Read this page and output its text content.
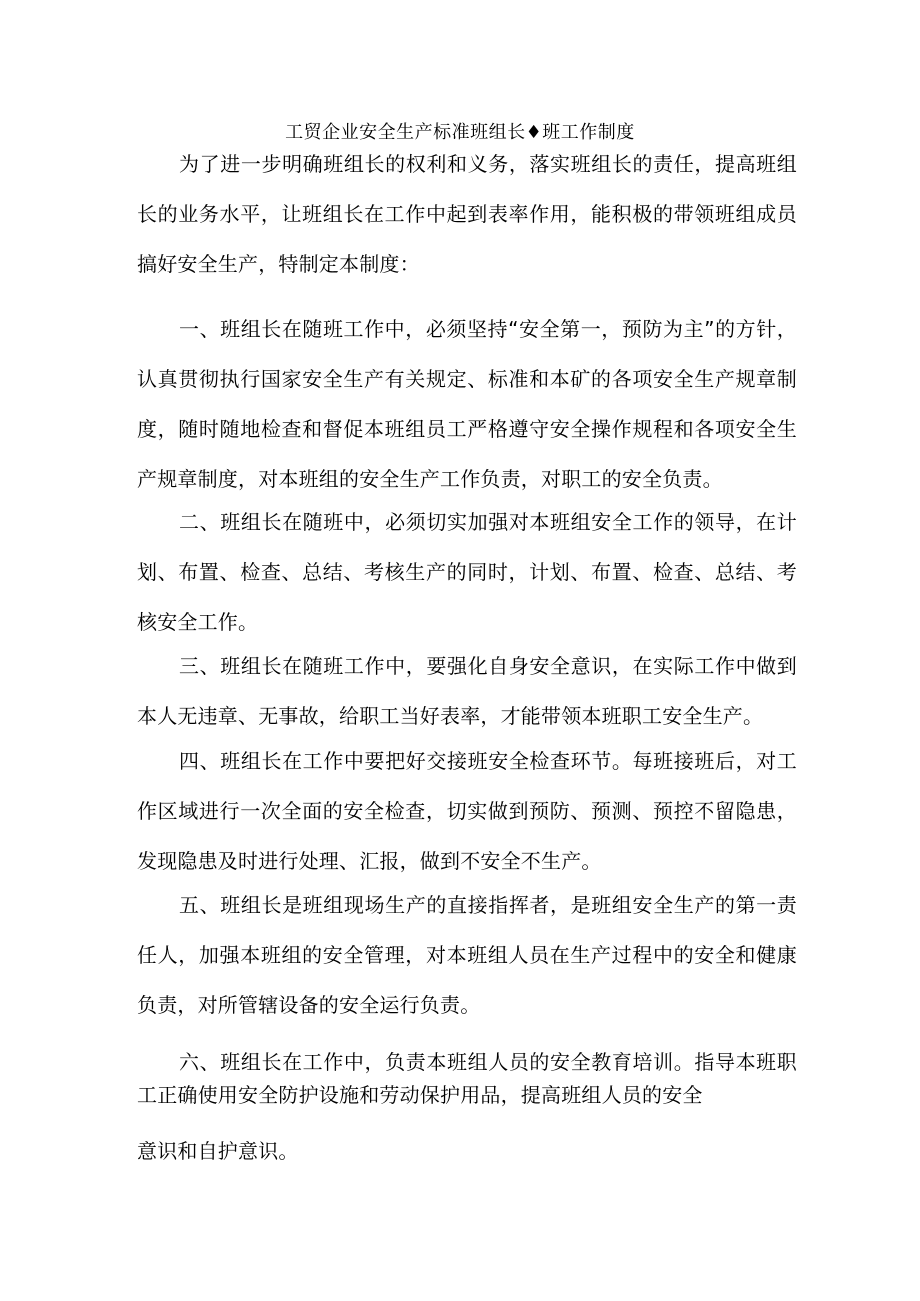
工贸企业安全生产标准班组长♦班工作制度

为了进一步明确班组长的权利和义务，落实班组长的责任，提高班组长的业务水平，让班组长在工作中起到表率作用，能积极的带领班组成员搞好安全生产，特制定本制度：

一、班组长在随班工作中，必须坚持“安全第一，预防为主”的方针，认真贯彻执行国家安全生产有关规定、标准和本矿的各项安全生产规章制度，随时随地检查和督促本班组员工严格遵守安全操作规程和各项安全生产规章制度，对本班组的安全生产工作负责，对职工的安全负责。

二、班组长在随班中，必须切实加强对本班组安全工作的领导，在计划、布置、检查、总结、考核生产的同时，计划、布置、检查、总结、考核安全工作。

三、班组长在随班工作中，要强化自身安全意识，在实际工作中做到本人无违章、无事故，给职工当好表率，才能带领本班职工安全生产。

四、班组长在工作中要把好交接班安全检查环节。每班接班后，对工作区域进行一次全面的安全检查，切实做到预防、预测、预控不留隐患，发现隐患及时进行处理、汇报，做到不安全不生产。

五、班组长是班组现场生产的直接指挥者，是班组安全生产的第一责任人，加强本班组的安全管理，对本班组人员在生产过程中的安全和健康负责，对所管辖设备的安全运行负责。

六、班组长在工作中，负责本班组人员的安全教育培训。指导本班职工正确使用安全防护设施和劳动保护用品，提高班组人员的安全

意识和自护意识。
